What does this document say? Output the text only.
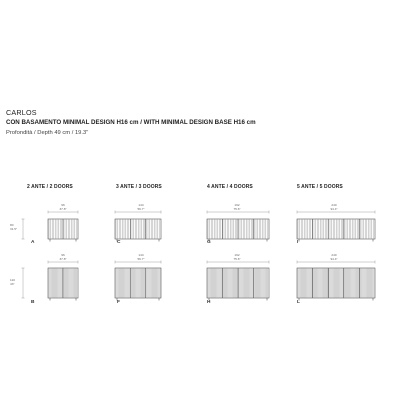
CARLOS
CON BASAMENTO MINIMAL DESIGN H16 cm / WITH MINIMAL DESIGN BASE H16 cm
Profondità / Depth 49 cm / 19.3"
2 ANTE / 2 DOORS	3 ANTE / 3 DOORS	4 ANTE / 4 DOORS	5 ANTE / 5 DOORS
80
31.5"
110
43"
96
37.8"
144
56.7"
192
75.6"
240
94.4"
96
37.8"
144
56.7"
192
75.6"
240
94.4"
A	C	G	I
B	F	H	L
